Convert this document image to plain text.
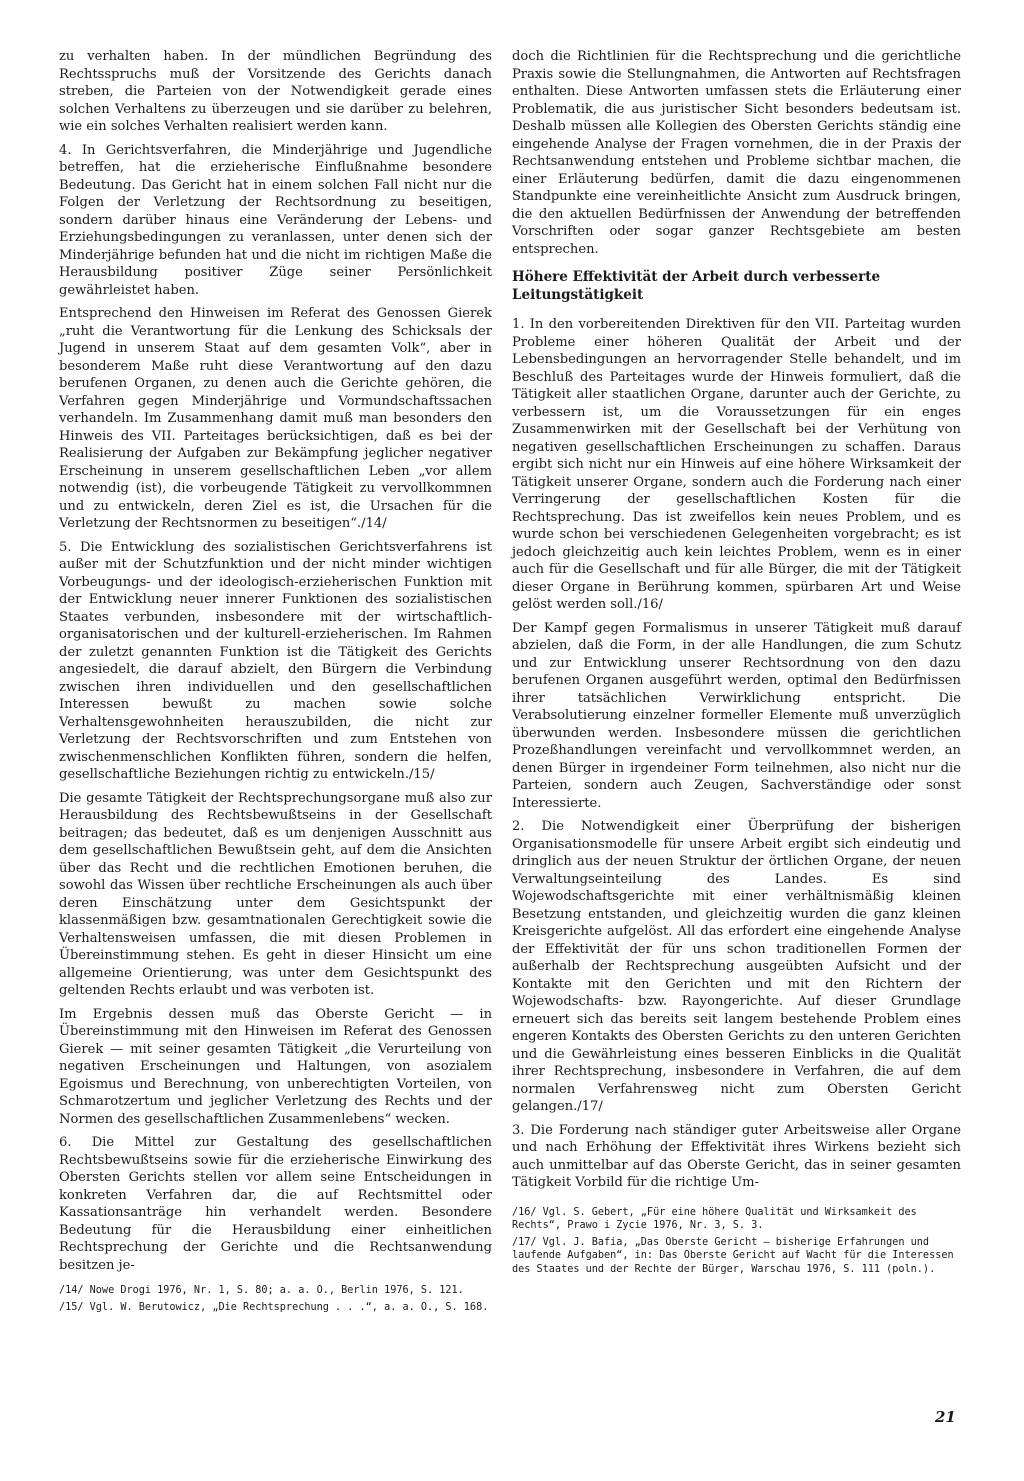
zu verhalten haben. In der mündlichen Begründung des Rechtsspruchs muß der Vorsitzende des Gerichts danach streben, die Parteien von der Notwendigkeit gerade eines solchen Verhaltens zu überzeugen und sie darüber zu belehren, wie ein solches Verhalten realisiert werden kann.

4. In Gerichtsverfahren, die Minderjährige und Jugendliche betreffen, hat die erzieherische Einflußnahme besondere Bedeutung. Das Gericht hat in einem solchen Fall nicht nur die Folgen der Verletzung der Rechtsordnung zu beseitigen, sondern darüber hinaus eine Veränderung der Lebens- und Erziehungsbedingungen zu veranlassen, unter denen sich der Minderjährige befunden hat und die nicht im richtigen Maße die Herausbildung positiver Züge seiner Persönlichkeit gewährleistet haben.

Entsprechend den Hinweisen im Referat des Genossen Gierek „ruht die Verantwortung für die Lenkung des Schicksals der Jugend in unserem Staat auf dem gesamten Volk“, aber in besonderem Maße ruht diese Verantwortung auf den dazu berufenen Organen, zu denen auch die Gerichte gehören, die Verfahren gegen Minderjährige und Vormundschaftssachen verhandeln. Im Zusammenhang damit muß man besonders den Hinweis des VII. Parteitages berücksichtigen, daß es bei der Realisierung der Aufgaben zur Bekämpfung jeglicher negativer Erscheinung in unserem gesellschaftlichen Leben „vor allem notwendig (ist), die vorbeugende Tätigkeit zu vervollkommnen und zu entwickeln, deren Ziel es ist, die Ursachen für die Verletzung der Rechtsnormen zu beseitigen“./14/

5. Die Entwicklung des sozialistischen Gerichtsverfahrens ist außer mit der Schutzfunktion und der nicht minder wichtigen Vorbeugungs- und der ideologisch-erzieherischen Funktion mit der Entwicklung neuer innerer Funktionen des sozialistischen Staates verbunden, insbesondere mit der wirtschaftlich-organisatorischen und der kulturell-erzieherischen. Im Rahmen der zuletzt genannten Funktion ist die Tätigkeit des Gerichts angesiedelt, die darauf abzielt, den Bürgern die Verbindung zwischen ihren individuellen und den gesellschaftlichen Interessen bewußt zu machen sowie solche Verhaltensgewohnheiten herauszubilden, die nicht zur Verletzung der Rechtsvorschriften und zum Entstehen von zwischenmenschlichen Konflikten führen, sondern die helfen, gesellschaftliche Beziehungen richtig zu entwickeln./15/

Die gesamte Tätigkeit der Rechtsprechungsorgane muß also zur Herausbildung des Rechtsbewußtseins in der Gesellschaft beitragen; das bedeutet, daß es um denjenigen Ausschnitt aus dem gesellschaftlichen Bewußtsein geht, auf dem die Ansichten über das Recht und die rechtlichen Emotionen beruhen, die sowohl das Wissen über rechtliche Erscheinungen als auch über deren Einschätzung unter dem Gesichtspunkt der klassenmäßigen bzw. gesamtnationalen Gerechtigkeit sowie die Verhaltensweisen umfassen, die mit diesen Problemen in Übereinstimmung stehen. Es geht in dieser Hinsicht um eine allgemeine Orientierung, was unter dem Gesichtspunkt des geltenden Rechts erlaubt und was verboten ist.

Im Ergebnis dessen muß das Oberste Gericht — in Übereinstimmung mit den Hinweisen im Referat des Genossen Gierek — mit seiner gesamten Tätigkeit „die Verurteilung von negativen Erscheinungen und Haltungen, von asozialem Egoismus und Berechnung, von unberechtigten Vorteilen, von Schmarotzertum und jeglicher Verletzung des Rechts und der Normen des gesellschaftlichen Zusammenlebens“ wecken.

6. Die Mittel zur Gestaltung des gesellschaftlichen Rechtsbewußtseins sowie für die erzieherische Einwirkung des Obersten Gerichts stellen vor allem seine Entscheidungen in konkreten Verfahren dar, die auf Rechtsmittel oder Kassationsanträge hin verhandelt werden. Besondere Bedeutung für die Herausbildung einer einheitlichen Rechtsprechung der Gerichte und die Rechtsanwendung besitzen je-

/14/ Nowe Drogi 1976, Nr. 1, S. 80; a. a. O., Berlin 1976, S. 121.

/15/ Vgl. W. Berutowicz, „Die Rechtsprechung . . .“, a. a. O., S. 168.

doch die Richtlinien für die Rechtsprechung und die gerichtliche Praxis sowie die Stellungnahmen, die Antworten auf Rechtsfragen enthalten. Diese Antworten umfassen stets die Erläuterung einer Problematik, die aus juristischer Sicht besonders bedeutsam ist. Deshalb müssen alle Kollegien des Obersten Gerichts ständig eine eingehende Analyse der Fragen vornehmen, die in der Praxis der Rechtsanwendung entstehen und Probleme sichtbar machen, die einer Erläuterung bedürfen, damit die dazu eingenommenen Standpunkte eine vereinheitlichte Ansicht zum Ausdruck bringen, die den aktuellen Bedürfnissen der Anwendung der betreffenden Vorschriften oder sogar ganzer Rechtsgebiete am besten entsprechen.

Höhere Effektivität der Arbeit durch verbesserte Leitungstätigkeit

1. In den vorbereitenden Direktiven für den VII. Parteitag wurden Probleme einer höheren Qualität der Arbeit und der Lebensbedingungen an hervorragender Stelle behandelt, und im Beschluß des Parteitages wurde der Hinweis formuliert, daß die Tätigkeit aller staatlichen Organe, darunter auch der Gerichte, zu verbessern ist, um die Voraussetzungen für ein enges Zusammenwirken mit der Gesellschaft bei der Verhütung von negativen gesellschaftlichen Erscheinungen zu schaffen. Daraus ergibt sich nicht nur ein Hinweis auf eine höhere Wirksamkeit der Tätigkeit unserer Organe, sondern auch die Forderung nach einer Verringerung der gesellschaftlichen Kosten für die Rechtsprechung. Das ist zweifellos kein neues Problem, und es wurde schon bei verschiedenen Gelegenheiten vorgebracht; es ist jedoch gleichzeitig auch kein leichtes Problem, wenn es in einer auch für die Gesellschaft und für alle Bürger, die mit der Tätigkeit dieser Organe in Berührung kommen, spürbaren Art und Weise gelöst werden soll./16/

Der Kampf gegen Formalismus in unserer Tätigkeit muß darauf abzielen, daß die Form, in der alle Handlungen, die zum Schutz und zur Entwicklung unserer Rechtsordnung von den dazu berufenen Organen ausgeführt werden, optimal den Bedürfnissen ihrer tatsächlichen Verwirklichung entspricht. Die Verabsolutierung einzelner formeller Elemente muß unverzüglich überwunden werden. Insbesondere müssen die gerichtlichen Prozeßhandlungen vereinfacht und vervollkommnet werden, an denen Bürger in irgendeiner Form teilnehmen, also nicht nur die Parteien, sondern auch Zeugen, Sachverständige oder sonst Interessierte.

2. Die Notwendigkeit einer Überprüfung der bisherigen Organisationsmodelle für unsere Arbeit ergibt sich eindeutig und dringlich aus der neuen Struktur der örtlichen Organe, der neuen Verwaltungseinteilung des Landes. Es sind Wojewodschaftsgerichte mit einer verhältnismäßig kleinen Besetzung entstanden, und gleichzeitig wurden die ganz kleinen Kreisgerichte aufgelöst. All das erfordert eine eingehende Analyse der Effektivität der für uns schon traditionellen Formen der außerhalb der Rechtsprechung ausgeübten Aufsicht und der Kontakte mit den Gerichten und mit den Richtern der Wojewodschafts- bzw. Rayongerichte. Auf dieser Grundlage erneuert sich das bereits seit langem bestehende Problem eines engeren Kontakts des Obersten Gerichts zu den unteren Gerichten und die Gewährleistung eines besseren Einblicks in die Qualität ihrer Rechtsprechung, insbesondere in Verfahren, die auf dem normalen Verfahrensweg nicht zum Obersten Gericht gelangen./17/

3. Die Forderung nach ständiger guter Arbeitsweise aller Organe und nach Erhöhung der Effektivität ihres Wirkens bezieht sich auch unmittelbar auf das Oberste Gericht, das in seiner gesamten Tätigkeit Vorbild für die richtige Um-

/16/ Vgl. S. Gebert, „Für eine höhere Qualität und Wirksamkeit des Rechts“, Prawo i Zycie 1976, Nr. 3, S. 3.

/17/ Vgl. J. Bafia, „Das Oberste Gericht — bisherige Erfahrungen und laufende Aufgaben“, in: Das Oberste Gericht auf Wacht für die Interessen des Staates und der Rechte der Bürger, Warschau 1976, S. 111 (poln.).

21
